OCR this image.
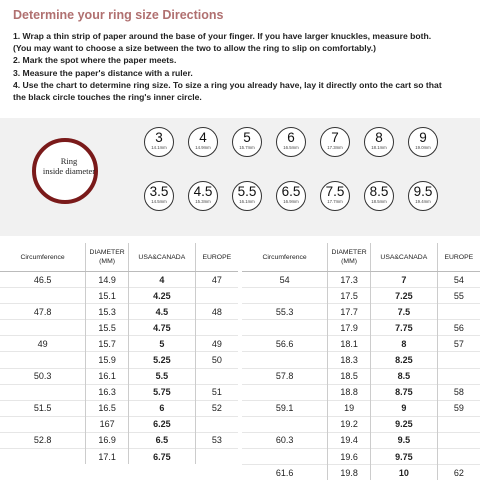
Determine your ring size Directions
1. Wrap a thin strip of paper around the base of your finger. If you have larger knuckles, measure both.
(You may want to choose a size between the two to allow the ring to slip on comfortably.)
2. Mark the spot where the paper meets.
3. Measure the paper's distance with a ruler.
4. Use the chart to determine ring size. To size a ring you already have, lay it directly onto the cart so that
the black circle touches the ring's inner circle.
Ring
inside diameter
3
14.1mm
4
14.9mm
5
15.7mm
6
16.5mm
7
17.3mm
8
18.1mm
9
19.0mm
3.5
14.5mm
4.5
15.3mm
5.5
16.1mm
6.5
16.9mm
7.5
17.7mm
8.5
18.5mm
9.5
19.4mm
Circumference	DIAMETER
(MM)	USA&CANADA	EUROPE

46.5	14.9	4	47
	15.1	4.25	
47.8	15.3	4.5	48
	15.5	4.75	
49	15.7	5	49
	15.9	5.25	50
50.3	16.1	5.5	
	16.3	5.75	51
51.5	16.5	6	52
	167	6.25	
52.8	16.9	6.5	53
	17.1	6.75	
Circumference	DIAMETER
(MM)	USA&CANADA	EUROPE

54	17.3	7	54
	17.5	7.25	55
55.3	17.7	7.5	
	17.9	7.75	56
56.6	18.1	8	57
	18.3	8.25	
57.8	18.5	8.5	
	18.8	8.75	58
59.1	19	9	59
	19.2	9.25	
60.3	19.4	9.5	
	19.6	9.75	
61.6	19.8	10	62
